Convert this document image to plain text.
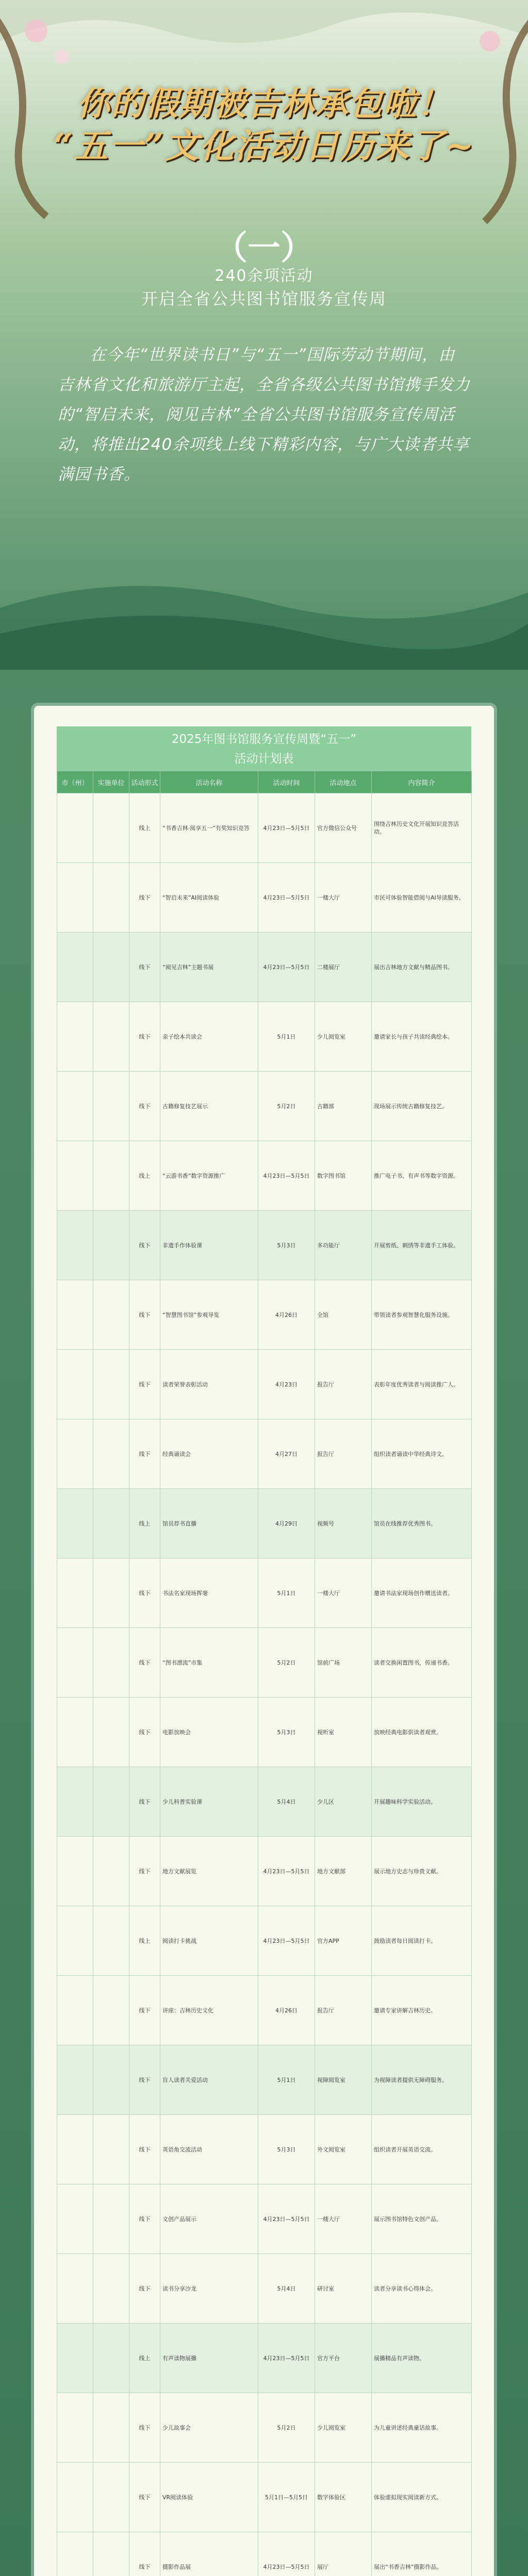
你的假期被吉林承包啦！
“五一”文化活动日历来了~
（一）
240余项活动
开启全省公共图书馆服务宣传周

在今年“世界读书日”与“五一”国际劳动节期间，由吉林省文化和旅游厅主起，全省各级公共图书馆携手发力的“智启未来，阅见吉林”全省公共图书馆服务宣传周活动，将推出240余项线上线下精彩内容，与广大读者共享满园书香。

2025年图书馆服务宣传周暨“五一”
活动计划表
市（州）	实施单位	活动形式	活动名称	活动时间	活动地点	内容简介
		线上	“书香吉林·阅享五一”有奖知识竞答	4月23日—5月5日	官方微信公众号	围绕吉林历史文化开展知识竞答活动。
		线下	“智启未来”AI阅读体验	4月23日—5月5日	一楼大厅	市民可体验智能借阅与AI导读服务。
		线下	“阅见吉林”主题书展	4月23日—5月5日	二楼展厅	展出吉林地方文献与精品图书。
		线下	亲子绘本共读会	5月1日	少儿阅览室	邀请家长与孩子共读经典绘本。
		线下	古籍修复技艺展示	5月2日	古籍部	现场展示传统古籍修复技艺。
		线上	“云游书香”数字资源推广	4月23日—5月5日	数字图书馆	推广电子书、有声书等数字资源。
		线下	非遗手作体验课	5月3日	多功能厅	开展剪纸、刺绣等非遗手工体验。
		线下	“智慧图书馆”参观导览	4月26日	全馆	带领读者参观智慧化服务设施。
		线下	读者荣誉表彰活动	4月23日	报告厅	表彰年度优秀读者与阅读推广人。
		线下	经典诵读会	4月27日	报告厅	组织读者诵读中华经典诗文。
		线上	馆员荐书直播	4月29日	视频号	馆员在线推荐优秀图书。
		线下	书法名家现场挥毫	5月1日	一楼大厅	邀请书法家现场创作赠送读者。
		线下	“图书漂流”市集	5月2日	馆前广场	读者交换闲置图书，传递书香。
		线下	电影放映会	5月3日	视听室	放映经典电影供读者观赏。
		线下	少儿科普实验课	5月4日	少儿区	开展趣味科学实验活动。
		线下	地方文献展览	4月23日—5月5日	地方文献部	展示地方史志与珍贵文献。
		线上	阅读打卡挑战	4月23日—5月5日	官方APP	鼓励读者每日阅读打卡。
		线下	讲座：吉林历史文化	4月26日	报告厅	邀请专家讲解吉林历史。
		线下	盲人读者关爱活动	5月1日	视障阅览室	为视障读者提供无障碍服务。
		线下	英语角交流活动	5月3日	外文阅览室	组织读者开展英语交流。
		线下	文创产品展示	4月23日—5月5日	一楼大厅	展示图书馆特色文创产品。
		线下	读书分享沙龙	5月4日	研讨室	读者分享读书心得体会。
		线上	有声读物展播	4月23日—5月5日	官方平台	展播精品有声读物。
		线下	少儿故事会	5月2日	少儿阅览室	为儿童讲述经典童话故事。
		线下	VR阅读体验	5月1日—5月5日	数字体验区	体验虚拟现实阅读新方式。
		线下	摄影作品展	4月23日—5月5日	展厅	展出“书香吉林”摄影作品。
